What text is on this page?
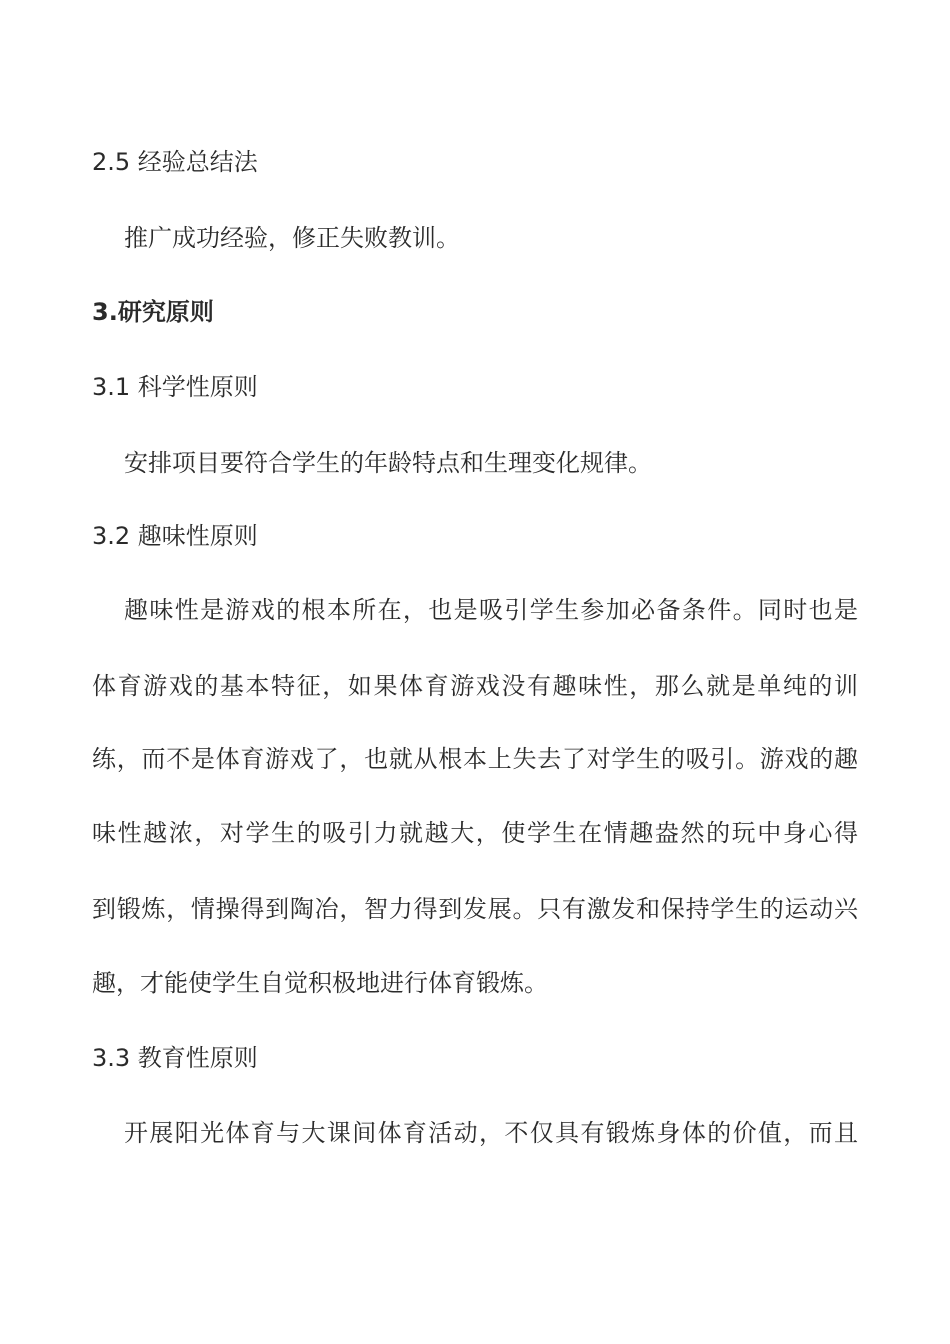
2.5 经验总结法
推广成功经验，修正失败教训。
3.研究原则
3.1 科学性原则
安排项目要符合学生的年龄特点和生理变化规律。
3.2 趣味性原则
趣味性是游戏的根本所在，也是吸引学生参加必备条件。同时也是
体育游戏的基本特征，如果体育游戏没有趣味性，那么就是单纯的训
练，而不是体育游戏了，也就从根本上失去了对学生的吸引。游戏的趣
味性越浓，对学生的吸引力就越大，使学生在情趣盎然的玩中身心得
到锻炼，情操得到陶冶，智力得到发展。只有激发和保持学生的运动兴
趣，才能使学生自觉积极地进行体育锻炼。
3.3 教育性原则
开展阳光体育与大课间体育活动，不仅具有锻炼身体的价值，而且
